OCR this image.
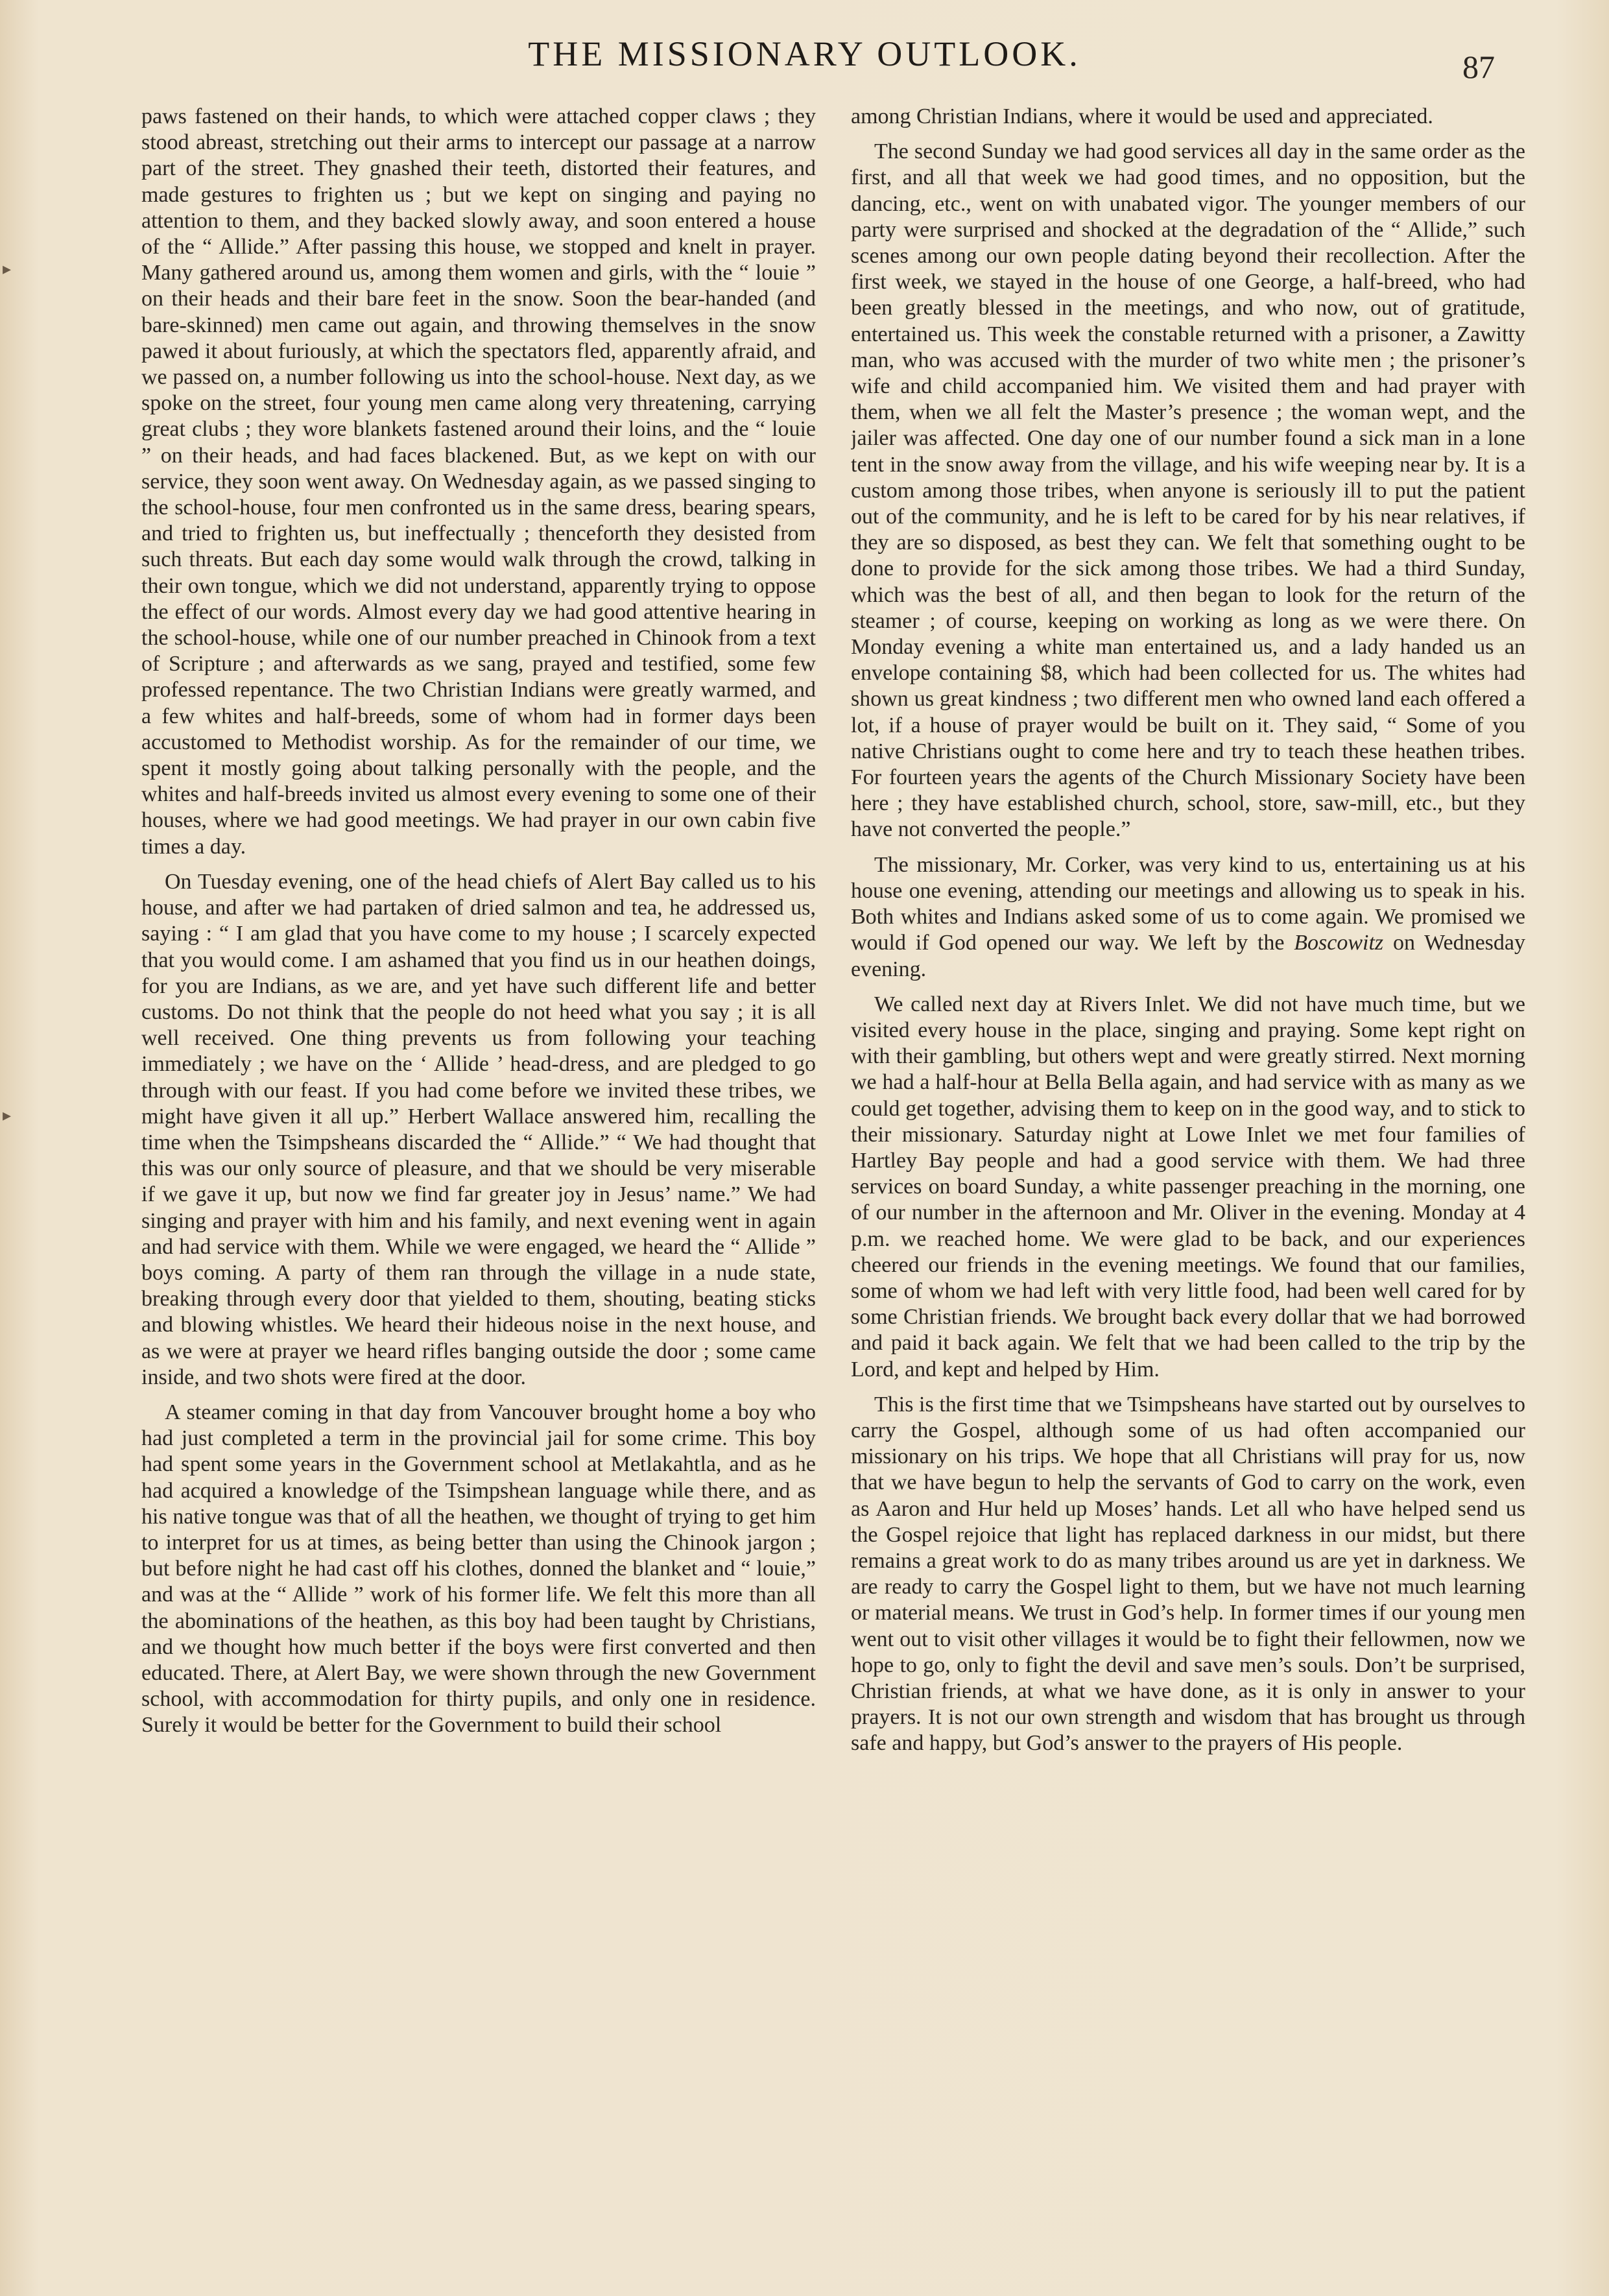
THE MISSIONARY OUTLOOK.	87
▸
▸

paws fastened on their hands, to which were attached copper claws ; they stood abreast, stretching out their arms to intercept our passage at a narrow part of the street. They gnashed their teeth, distorted their features, and made gestures to frighten us ; but we kept on singing and paying no attention to them, and they backed slowly away, and soon entered a house of the “ Allide.” After passing this house, we stopped and knelt in prayer. Many gathered around us, among them women and girls, with the “ louie ” on their heads and their bare feet in the snow. Soon the bear-handed (and bare-skinned) men came out again, and throwing themselves in the snow pawed it about furiously, at which the spectators fled, apparently afraid, and we passed on, a number following us into the school-house. Next day, as we spoke on the street, four young men came along very threatening, carrying great clubs ; they wore blankets fastened around their loins, and the “ louie ” on their heads, and had faces blackened. But, as we kept on with our service, they soon went away. On Wednesday again, as we passed singing to the school-house, four men confronted us in the same dress, bearing spears, and tried to frighten us, but ineffectually ; thenceforth they desisted from such threats. But each day some would walk through the crowd, talking in their own tongue, which we did not understand, apparently trying to oppose the effect of our words. Almost every day we had good attentive hearing in the school-house, while one of our number preached in Chinook from a text of Scripture ; and afterwards as we sang, prayed and testified, some few professed repentance. The two Christian Indians were greatly warmed, and a few whites and half-breeds, some of whom had in former days been accustomed to Methodist worship. As for the remainder of our time, we spent it mostly going about talking personally with the people, and the whites and half-breeds invited us almost every evening to some one of their houses, where we had good meetings. We had prayer in our own cabin five times a day.

On Tuesday evening, one of the head chiefs of Alert Bay called us to his house, and after we had partaken of dried salmon and tea, he addressed us, saying : “ I am glad that you have come to my house ; I scarcely expected that you would come. I am ashamed that you find us in our heathen doings, for you are Indians, as we are, and yet have such different life and better customs. Do not think that the people do not heed what you say ; it is all well received. One thing prevents us from following your teaching immediately ; we have on the ‘ Allide ’ head-dress, and are pledged to go through with our feast. If you had come before we invited these tribes, we might have given it all up.” Herbert Wallace answered him, recalling the time when the Tsimpsheans discarded the “ Allide.” “ We had thought that this was our only source of pleasure, and that we should be very miserable if we gave it up, but now we find far greater joy in Jesus’ name.” We had singing and prayer with him and his family, and next evening went in again and had service with them. While we were engaged, we heard the “ Allide ” boys coming. A party of them ran through the village in a nude state, breaking through every door that yielded to them, shouting, beating sticks and blowing whistles. We heard their hideous noise in the next house, and as we were at prayer we heard rifles banging outside the door ; some came inside, and two shots were fired at the door.

A steamer coming in that day from Vancouver brought home a boy who had just completed a term in the provincial jail for some crime. This boy had spent some years in the Government school at Metlakahtla, and as he had acquired a knowledge of the Tsimpshean language while there, and as his native tongue was that of all the heathen, we thought of trying to get him to interpret for us at times, as being better than using the Chinook jargon ; but before night he had cast off his clothes, donned the blanket and “ louie,” and was at the “ Allide ” work of his former life. We felt this more than all the abominations of the heathen, as this boy had been taught by Christians, and we thought how much better if the boys were first converted and then educated. There, at Alert Bay, we were shown through the new Government school, with accommodation for thirty pupils, and only one in residence. Surely it would be better for the Government to build their school

among Christian Indians, where it would be used and appreciated.

The second Sunday we had good services all day in the same order as the first, and all that week we had good times, and no opposition, but the dancing, etc., went on with unabated vigor. The younger members of our party were surprised and shocked at the degradation of the “ Allide,” such scenes among our own people dating beyond their recollection. After the first week, we stayed in the house of one George, a half-breed, who had been greatly blessed in the meetings, and who now, out of gratitude, entertained us. This week the constable returned with a prisoner, a Zawitty man, who was accused with the murder of two white men ; the prisoner’s wife and child accompanied him. We visited them and had prayer with them, when we all felt the Master’s presence ; the woman wept, and the jailer was affected. One day one of our number found a sick man in a lone tent in the snow away from the village, and his wife weeping near by. It is a custom among those tribes, when anyone is seriously ill to put the patient out of the community, and he is left to be cared for by his near relatives, if they are so disposed, as best they can. We felt that something ought to be done to provide for the sick among those tribes. We had a third Sunday, which was the best of all, and then began to look for the return of the steamer ; of course, keeping on working as long as we were there. On Monday evening a white man entertained us, and a lady handed us an envelope containing $8, which had been collected for us. The whites had shown us great kindness ; two different men who owned land each offered a lot, if a house of prayer would be built on it. They said, “ Some of you native Christians ought to come here and try to teach these heathen tribes. For fourteen years the agents of the Church Missionary Society have been here ; they have established church, school, store, saw-mill, etc., but they have not converted the people.”

The missionary, Mr. Corker, was very kind to us, entertaining us at his house one evening, attending our meetings and allowing us to speak in his. Both whites and Indians asked some of us to come again. We promised we would if God opened our way. We left by the Boscowitz on Wednesday evening.

We called next day at Rivers Inlet. We did not have much time, but we visited every house in the place, singing and praying. Some kept right on with their gambling, but others wept and were greatly stirred. Next morning we had a half-hour at Bella Bella again, and had service with as many as we could get together, advising them to keep on in the good way, and to stick to their missionary. Saturday night at Lowe Inlet we met four families of Hartley Bay people and had a good service with them. We had three services on board Sunday, a white passenger preaching in the morning, one of our number in the afternoon and Mr. Oliver in the evening. Monday at 4 p.m. we reached home. We were glad to be back, and our experiences cheered our friends in the evening meetings. We found that our families, some of whom we had left with very little food, had been well cared for by some Christian friends. We brought back every dollar that we had borrowed and paid it back again. We felt that we had been called to the trip by the Lord, and kept and helped by Him.

This is the first time that we Tsimpsheans have started out by ourselves to carry the Gospel, although some of us had often accompanied our missionary on his trips. We hope that all Christians will pray for us, now that we have begun to help the servants of God to carry on the work, even as Aaron and Hur held up Moses’ hands. Let all who have helped send us the Gospel rejoice that light has replaced darkness in our midst, but there remains a great work to do as many tribes around us are yet in darkness. We are ready to carry the Gospel light to them, but we have not much learning or material means. We trust in God’s help. In former times if our young men went out to visit other villages it would be to fight their fellowmen, now we hope to go, only to fight the devil and save men’s souls. Don’t be surprised, Christian friends, at what we have done, as it is only in answer to your prayers. It is not our own strength and wisdom that has brought us through safe and happy, but God’s answer to the prayers of His people.
